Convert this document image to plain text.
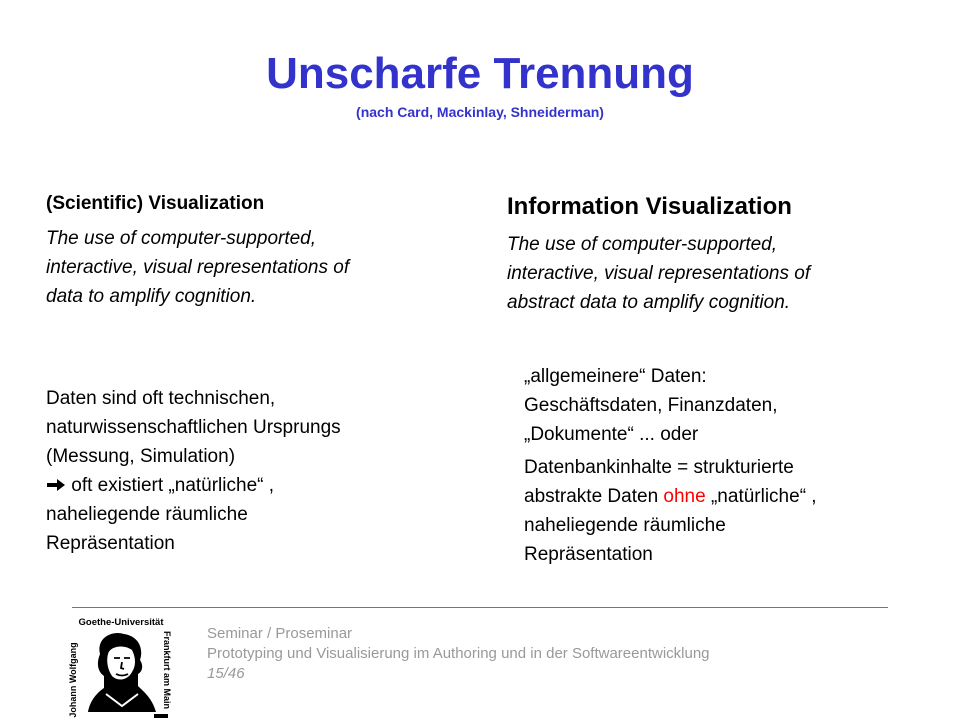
Unscharfe Trennung
(nach Card, Mackinlay, Shneiderman)

(Scientific) Visualization

The use of computer-supported,
interactive, visual representations of
data to amplify cognition.

Daten sind oft technischen,
naturwissenschaftlichen Ursprungs
(Messung, Simulation)
oft existiert „natürliche“ ,
naheliegende räumliche
Repräsentation

Information Visualization

The use of computer-supported,
interactive, visual representations of
abstract data to amplify cognition.

„allgemeinere“ Daten:
Geschäftsdaten, Finanzdaten,
„Dokumente“ ... oder

Datenbankinhalte = strukturierte
abstrakte Daten ohne „natürliche“ ,
naheliegende räumliche
Repräsentation

Goethe-Universität
Johann Wolfgang	Frankfurt am Main Seminar / Proseminar
Prototyping und Visualisierung im Authoring und in der Softwareentwicklung
15/46
